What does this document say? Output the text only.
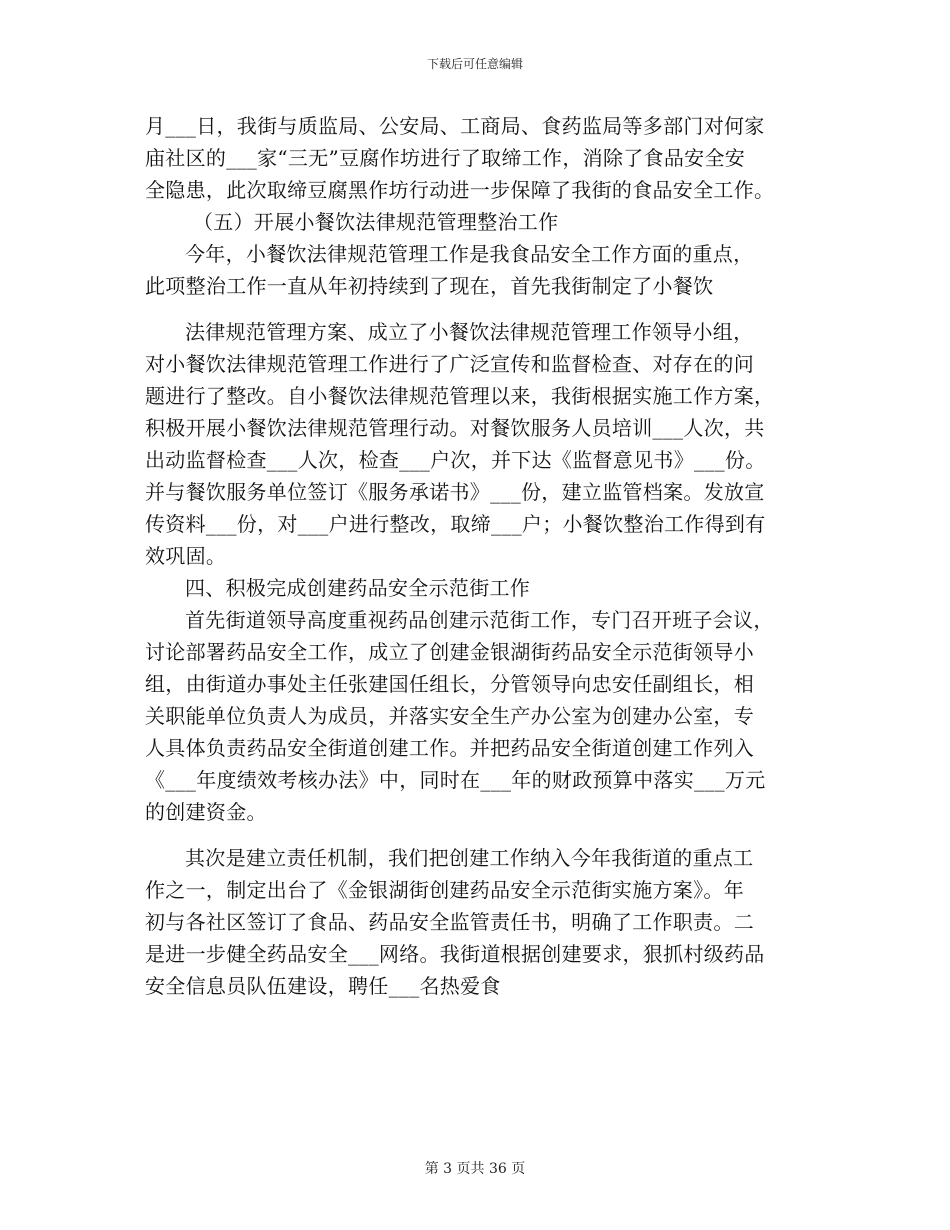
下载后可任意编辑
月___日，我街与质监局、公安局、工商局、食药监局等多部门对何家
庙社区的___家“三无”豆腐作坊进行了取缔工作，消除了食品安全安
全隐患，此次取缔豆腐黑作坊行动进一步保障了我街的食品安全工作。
（五）开展小餐饮法律规范管理整治工作
今年，小餐饮法律规范管理工作是我食品安全工作方面的重点，
此项整治工作一直从年初持续到了现在，首先我街制定了小餐饮
法律规范管理方案、成立了小餐饮法律规范管理工作领导小组，
对小餐饮法律规范管理工作进行了广泛宣传和监督检查、对存在的问
题进行了整改。自小餐饮法律规范管理以来，我街根据实施工作方案，
积极开展小餐饮法律规范管理行动。对餐饮服务人员培训___人次，共
出动监督检查___人次，检查___户次，并下达《监督意见书》___份。
并与餐饮服务单位签订《服务承诺书》___份，建立监管档案。发放宣
传资料___份，对___户进行整改，取缔___户；小餐饮整治工作得到有
效巩固。
四、积极完成创建药品安全示范街工作
首先街道领导高度重视药品创建示范街工作，专门召开班子会议，
讨论部署药品安全工作，成立了创建金银湖街药品安全示范街领导小
组，由街道办事处主任张建国任组长，分管领导向忠安任副组长，相
关职能单位负责人为成员，并落实安全生产办公室为创建办公室，专
人具体负责药品安全街道创建工作。并把药品安全街道创建工作列入
《___年度绩效考核办法》中，同时在___年的财政预算中落实___万元
的创建资金。
其次是建立责任机制，我们把创建工作纳入今年我街道的重点工
作之一，制定出台了《金银湖街创建药品安全示范街实施方案》。年
初与各社区签订了食品、药品安全监管责任书，明确了工作职责。二
是进一步健全药品安全___网络。我街道根据创建要求，狠抓村级药品
安全信息员队伍建设，聘任___名热爱食
第 3 页共 36 页
